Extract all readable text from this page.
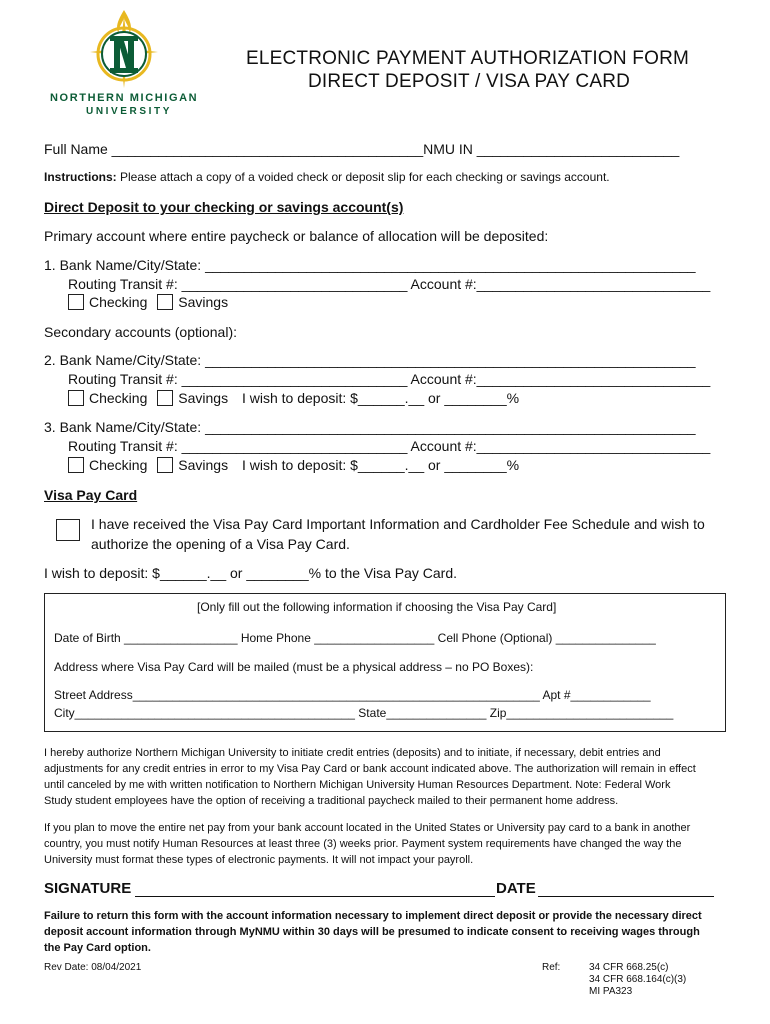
NORTHERN MICHIGAN
UNIVERSITY
ELECTRONIC PAYMENT AUTHORIZATION FORM
DIRECT DEPOSIT / VISA PAY CARD
Full Name ________________________________________NMU IN __________________________
Instructions: Please attach a copy of a voided check or deposit slip for each checking or savings account.
Direct Deposit to your checking or savings account(s)
Primary account where entire paycheck or balance of allocation will be deposited:
1. Bank Name/City/State: _______________________________________________________________
Routing Transit #: _____________________________ Account #:______________________________
Checking Savings
Secondary accounts (optional):
2. Bank Name/City/State: _______________________________________________________________
Routing Transit #: _____________________________ Account #:______________________________
Checking Savings I wish to deposit: $______.__ or ________%
3. Bank Name/City/State: _______________________________________________________________
Routing Transit #: _____________________________ Account #:______________________________
Checking Savings I wish to deposit: $______.__ or ________%
Visa Pay Card
I have received the Visa Pay Card Important Information and Cardholder Fee Schedule and wish to
authorize the opening of a Visa Pay Card.
I wish to deposit: $______.__ or ________% to the Visa Pay Card.
[Only fill out the following information if choosing the Visa Pay Card]
Date of Birth _________________ Home Phone __________________ Cell Phone (Optional) _______________
Address where Visa Pay Card will be mailed (must be a physical address – no PO Boxes):
Street Address_____________________________________________________________ Apt #____________
City__________________________________________ State_______________ Zip_________________________
I hereby authorize Northern Michigan University to initiate credit entries (deposits) and to initiate, if necessary, debit entries and
adjustments for any credit entries in error to my Visa Pay Card or bank account indicated above. The authorization will remain in effect
until canceled by me with written notification to Northern Michigan University Human Resources Department. Note: Federal Work
Study student employees have the option of receiving a traditional paycheck mailed to their permanent home address.
If you plan to move the entire net pay from your bank account located in the United States or University pay card to a bank in another
country, you must notify Human Resources at least three (3) weeks prior. Payment system requirements have changed the way the
University must format these types of electronic payments. It will not impact your payroll.
SIGNATURE	DATE
Failure to return this form with the account information necessary to implement direct deposit or provide the necessary direct
deposit account information through MyNMU within 30 days will be presumed to indicate consent to receiving wages through
the Pay Card option.
Rev Date: 08/04/2021	Ref:	34 CFR 668.25(c)
34 CFR 668.164(c)(3)
MI PA323
